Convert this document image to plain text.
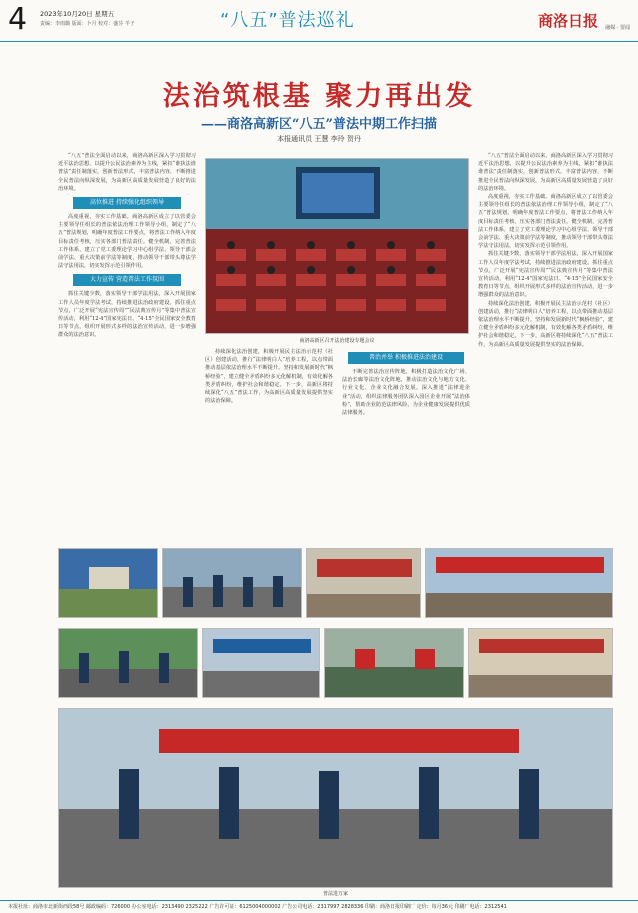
4 2023年10月20日 星期五
责编：李雨璐 版面：卜月 校对：盛芬 羊子	“八五”普法巡礼	商洛日报 融媒 · 要闻
法治筑根基 聚力再出发
——商洛高新区“八五”普法中期工作扫描
本报通讯员 王慧 李玲 贺丹

“八五”普法全面启动以来，商洛高新区深入学习贯彻习近平法治思想，以提升公民法治素养为主线，紧扣“谁执法谁普法”责任制落实，创新普法形式，丰富普法内容，不断推进全民普法向纵深发展，为高新区高质量发展营造了良好的法治环境。

高位推进 持续强化组织领导

高度重视，夯实工作基础。商洛高新区成立了以管委会主要领导任组长的普法依法治理工作领导小组，制定了“八五”普法规划，明确年度普法工作要点，将普法工作纳入年度目标责任考核，压实各部门普法责任。健全机制，完善普法工作体系，建立了党工委理论学习中心组学法、领导干部会前学法、重大决策前学法等制度，推动领导干部带头尊法学法守法用法，切实发挥示范引领作用。

大力宣传 营造普法工作氛围

抓住关键少数，落实领导干部学法用法，深入开展国家工作人员年度学法考试，持续推进法治政府建设。抓住重点节点，广泛开展“宪法宣传周”“民法典宣传月”等集中普法宣传活动，利用“12·4”国家宪法日、“4·15”全民国家安全教育日等节点，组织开展形式多样的法治宣传活动，进一步增强群众的法治意识。

商洛高新区召开法治建设专题会议

持续深化法治创建，积极开展民主法治示范村（社区）创建活动，推行“法律明白人”培养工程，以点带面推动基层依法治理水平不断提升。坚持和发展新时代“枫桥经验”，建立健全矛盾纠纷多元化解机制，有效化解各类矛盾纠纷，维护社会和谐稳定。下一步，高新区将持续深化“八五”普法工作，为高新区高质量发展提供坚实的法治保障。

普治并举 积极推进法治建设

不断完善法治宣传阵地，积极打造法治文化广场、法治长廊等法治文化阵地，推动法治文化与地方文化、行业文化、企业文化融合发展。深入推进“法律进企业”活动，组织法律服务团队深入园区企业开展“法治体检”，帮助企业防范法律风险，为企业健康发展提供优质法律服务。

“八五”普法全面启动以来，商洛高新区深入学习贯彻习近平法治思想，以提升公民法治素养为主线，紧扣“谁执法谁普法”责任制落实，创新普法形式，丰富普法内容，不断推进全民普法向纵深发展，为高新区高质量发展营造了良好的法治环境。

高度重视，夯实工作基础。商洛高新区成立了以管委会主要领导任组长的普法依法治理工作领导小组，制定了“八五”普法规划，明确年度普法工作要点，将普法工作纳入年度目标责任考核，压实各部门普法责任。健全机制，完善普法工作体系，建立了党工委理论学习中心组学法、领导干部会前学法、重大决策前学法等制度，推动领导干部带头尊法学法守法用法，切实发挥示范引领作用。

抓住关键少数，落实领导干部学法用法，深入开展国家工作人员年度学法考试，持续推进法治政府建设。抓住重点节点，广泛开展“宪法宣传周”“民法典宣传月”等集中普法宣传活动，利用“12·4”国家宪法日、“4·15”全民国家安全教育日等节点，组织开展形式多样的法治宣传活动，进一步增强群众的法治意识。

持续深化法治创建，积极开展民主法治示范村（社区）创建活动，推行“法律明白人”培养工程，以点带面推动基层依法治理水平不断提升。坚持和发展新时代“枫桥经验”，建立健全矛盾纠纷多元化解机制，有效化解各类矛盾纠纷，维护社会和谐稳定。下一步，高新区将持续深化“八五”普法工作，为高新区高质量发展提供坚实的法治保障。

普法进万家
本报社址：商洛市北新街西段58号 邮政编码：726000 办公室电话：2313490 2325222 广告许可证：6125004000002 广告公司电话：2317997 2828336 印刷：商洛日报印刷厂 定价：每月36元 印刷厂电话：2312541
